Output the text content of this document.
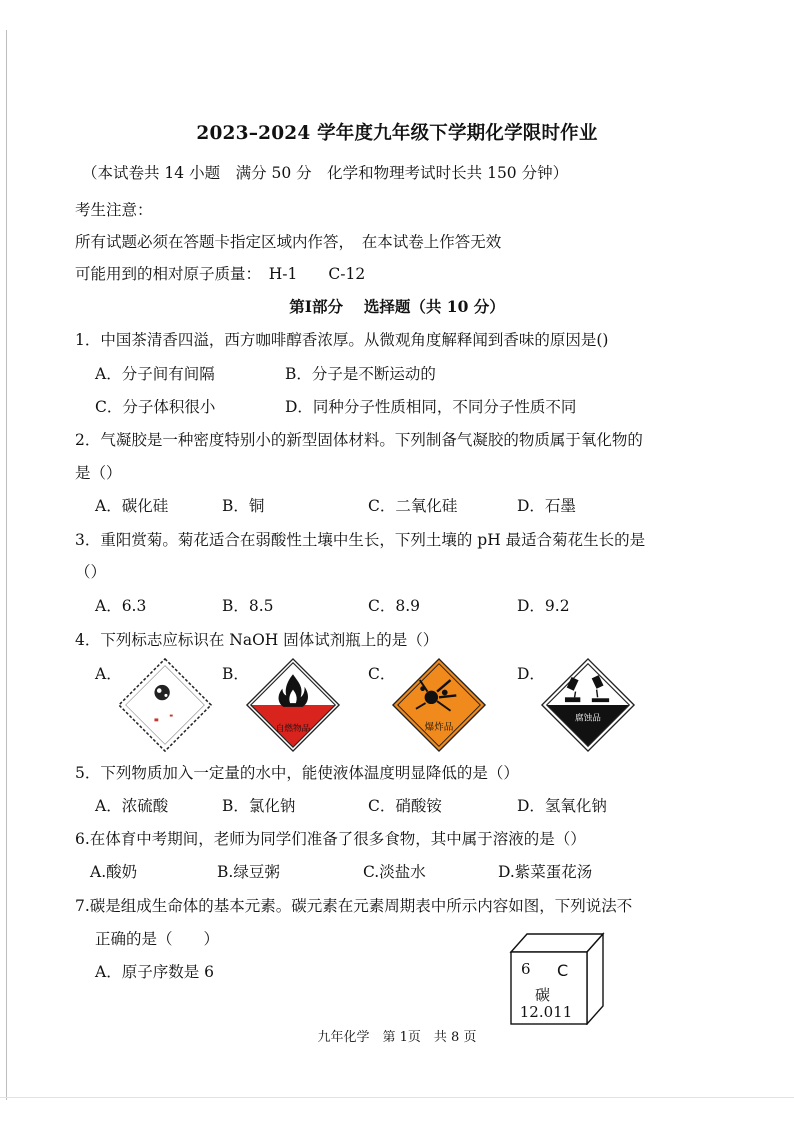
2023–2024 学年度九年级下学期化学限时作业
（本试卷共 14 小题　满分 50 分　化学和物理考试时长共 150 分钟）
考生注意：
所有试题必须在答题卡指定区域内作答，　在本试卷上作答无效
可能用到的相对原子质量：　H-1　　C-12
第Ⅰ部分　 选择题（共 10 分）
1．中国茶清香四溢，西方咖啡醇香浓厚。从微观角度解释闻到香味的原因是()
A．分子间有间隔	B．分子是不断运动的
C．分子体积很小	D．同种分子性质相同，不同分子性质不同
2．气凝胶是一种密度特别小的新型固体材料。下列制备气凝胶的物质属于氧化物的
是（）
A．碳化硅	B．铜	C．二氧化硅	D．石墨
3．重阳赏菊。菊花适合在弱酸性土壤中生长，下列土壤的 pH 最适合菊花生长的是
（）
A．6.3	B．8.5	C．8.9	D．9.2
4．下列标志应标识在 NaOH 固体试剂瓶上的是（）
A．	B．	C．	D．
自燃物品	爆炸品
腐蚀品
5．下列物质加入一定量的水中，能使液体温度明显降低的是（）
A．浓硫酸	B．氯化钠	C．硝酸铵	D．氢氧化钠
6.在体育中考期间，老师为同学们准备了很多食物，其中属于溶液的是（）
A.酸奶	B.绿豆粥	C.淡盐水	D.紫菜蛋花汤
7.碳是组成生命体的基本元素。碳元素在元素周期表中所示内容如图，下列说法不
正确的是（　　）
A．原子序数是 6	6 C
碳
12.011
九年化学　第 1页　共 8 页
